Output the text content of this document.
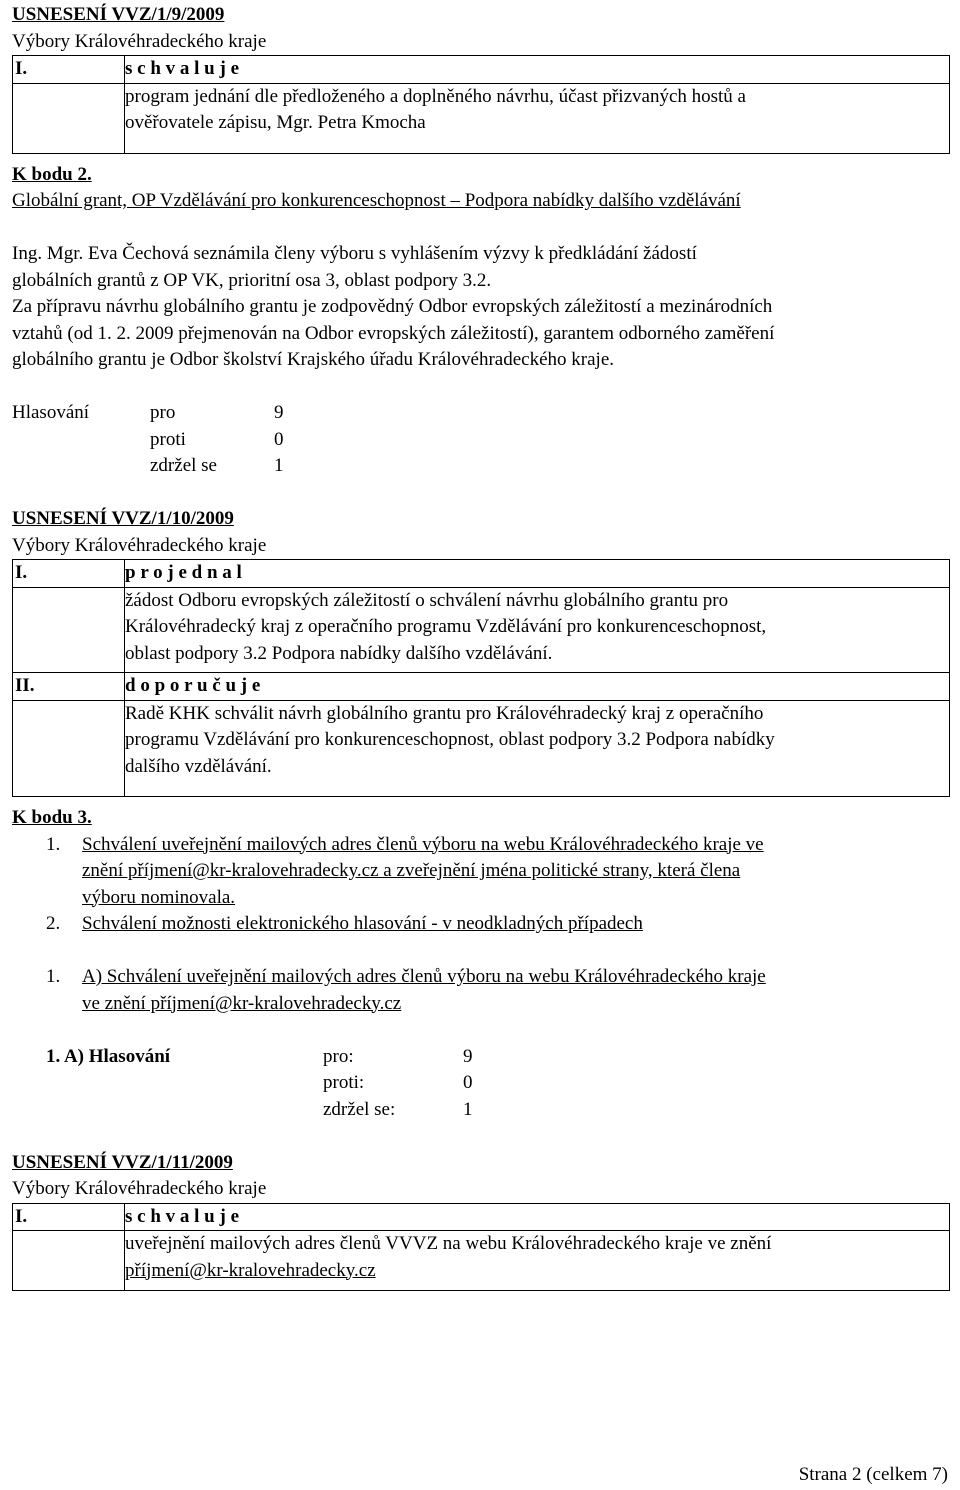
USNESENÍ VVZ/1/9/2009
Výbory Královéhradeckého kraje
I.	s c h v a l u j e
program jednání dle předloženého a doplněného návrhu, účast přizvaných hostů a
ověřovatele zápisu, Mgr. Petra Kmocha
K bodu 2.
Globální grant, OP Vzdělávání pro konkurenceschopnost – Podpora nabídky dalšího vzdělávání
Ing. Mgr. Eva Čechová seznámila členy výboru s vyhlášením výzvy k předkládání žádostí
globálních grantů z OP VK, prioritní osa 3, oblast podpory 3.2.
Za přípravu návrhu globálního grantu je zodpovědný Odbor evropských záležitostí a mezinárodních
vztahů (od 1. 2. 2009 přejmenován na Odbor evropských záležitostí), garantem odborného zaměření
globálního grantu je Odbor školství Krajského úřadu Královéhradeckého kraje.
Hlasování	pro	9
proti	0
zdržel se	1
USNESENÍ VVZ/1/10/2009
Výbory Královéhradeckého kraje
I.	p r o j e d n a l
žádost Odboru evropských záležitostí o schválení návrhu globálního grantu pro
Královéhradecký kraj z operačního programu Vzdělávání pro konkurenceschopnost,
oblast podpory 3.2 Podpora nabídky dalšího vzdělávání.
II.	d o p o r u č u j e
Radě KHK schválit návrh globálního grantu pro Královéhradecký kraj z operačního
programu Vzdělávání pro konkurenceschopnost, oblast podpory 3.2 Podpora nabídky
dalšího vzdělávání.
K bodu 3.
1.	Schválení uveřejnění mailových adres členů výboru na webu Královéhradeckého kraje ve
znění příjmení@kr-kralovehradecky.cz a zveřejnění jména politické strany, která člena
výboru nominovala.
2.	Schválení možnosti elektronického hlasování - v neodkladných případech
1.	A) Schválení uveřejnění mailových adres členů výboru na webu Královéhradeckého kraje
ve znění příjmení@kr-kralovehradecky.cz
1. A) Hlasování	pro:	9
proti:	0
zdržel se:	1
USNESENÍ VVZ/1/11/2009
Výbory Královéhradeckého kraje
I.	s c h v a l u j e
uveřejnění mailových adres členů VVVZ na webu Královéhradeckého kraje ve znění
příjmení@kr-kralovehradecky.cz
Strana 2 (celkem 7)
